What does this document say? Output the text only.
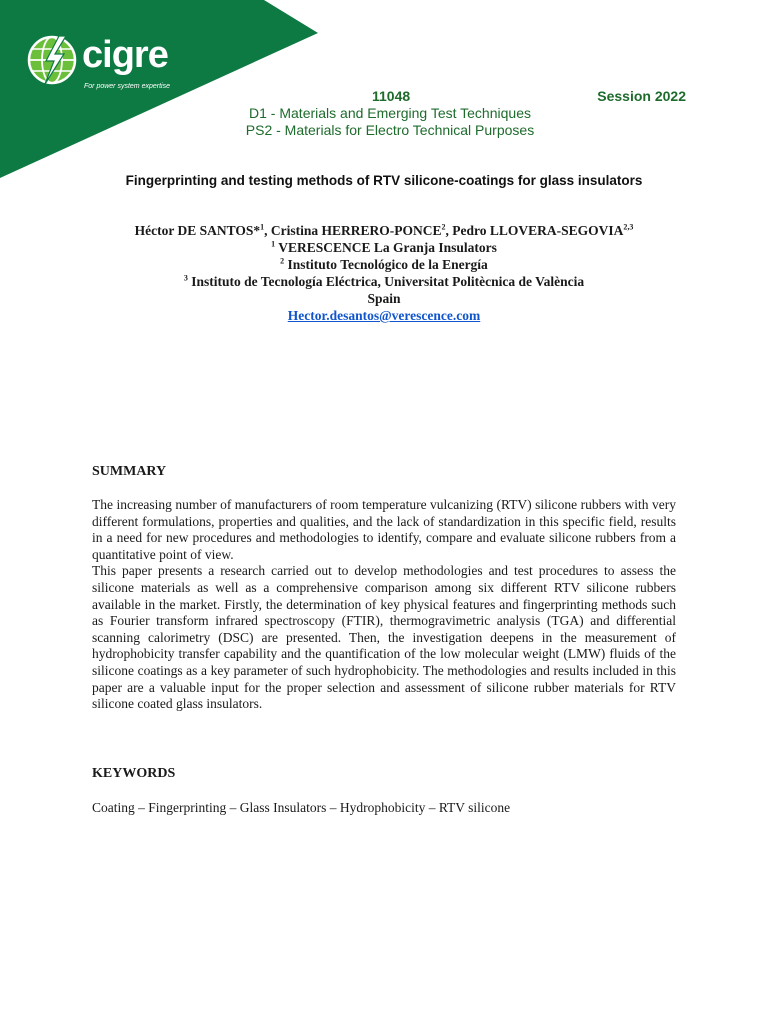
cigre
For power system expertise
11048	Session 2022
D1 - Materials and Emerging Test Techniques
PS2 - Materials for Electro Technical Purposes
Fingerprinting and testing methods of RTV silicone-coatings for glass insulators
Héctor DE SANTOS*$^1$, Cristina HERRERO-PONCE$^2$, Pedro LLOVERA-SEGOVIA$^{2,3}$
$^1$ VERESCENCE La Granja Insulators
$^2$ Instituto Tecnológico de la Energía
$^3$ Instituto de Tecnología Eléctrica, Universitat Politècnica de València
Spain
Hector.desantos@verescence.com
SUMMARY

The increasing number of manufacturers of room temperature vulcanizing (RTV) silicone rubbers with very different formulations, properties and qualities, and the lack of standardization in this specific field, results in a need for new procedures and methodologies to identify, compare and evaluate silicone rubbers from a quantitative point of view.

This paper presents a research carried out to develop methodologies and test procedures to assess the silicone materials as well as a comprehensive comparison among six different RTV silicone rubbers available in the market. Firstly, the determination of key physical features and fingerprinting methods such as Fourier transform infrared spectroscopy (FTIR), thermogravimetric analysis (TGA) and differential scanning calorimetry (DSC) are presented. Then, the investigation deepens in the measurement of hydrophobicity transfer capability and the quantification of the low molecular weight (LMW) fluids of the silicone coatings as a key parameter of such hydrophobicity. The methodologies and results included in this paper are a valuable input for the proper selection and assessment of silicone rubber materials for RTV silicone coated glass insulators.

KEYWORDS
Coating – Fingerprinting – Glass Insulators – Hydrophobicity – RTV silicone
